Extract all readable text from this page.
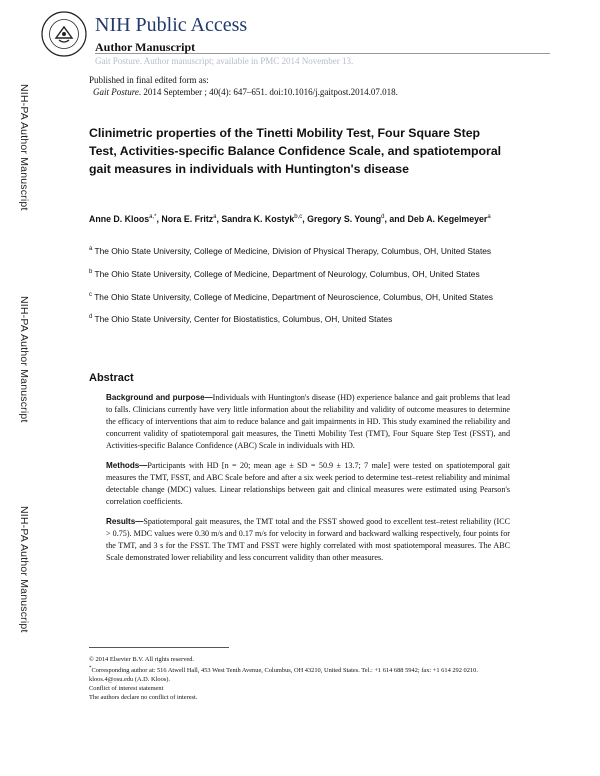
NIH-PA Author Manuscript
NIH-PA Author Manuscript
NIH-PA Author Manuscript
NIH Public Access
Author Manuscript
Gait Posture. Author manuscript; available in PMC 2014 November 13.
Published in final edited form as:
Gait Posture. 2014 September ; 40(4): 647–651. doi:10.1016/j.gaitpost.2014.07.018.
Clinimetric properties of the Tinetti Mobility Test, Four Square Step Test, Activities-specific Balance Confidence Scale, and spatiotemporal gait measures in individuals with Huntington's disease
Anne D. Kloos$^{a,*}$, Nora E. Fritz$^a$, Sandra K. Kostyk$^{b,c}$, Gregory S. Young$^d$, and Deb A. Kegelmeyer$^a$
$^a$ The Ohio State University, College of Medicine, Division of Physical Therapy, Columbus, OH, United States
$^b$ The Ohio State University, College of Medicine, Department of Neurology, Columbus, OH, United States
$^c$ The Ohio State University, College of Medicine, Department of Neuroscience, Columbus, OH, United States
$^d$ The Ohio State University, Center for Biostatistics, Columbus, OH, United States
Abstract

Background and purpose—Individuals with Huntington's disease (HD) experience balance and gait problems that lead to falls. Clinicians currently have very little information about the reliability and validity of outcome measures to determine the efficacy of interventions that aim to reduce balance and gait impairments in HD. This study examined the reliability and concurrent validity of spatiotemporal gait measures, the Tinetti Mobility Test (TMT), Four Square Step Test (FSST), and Activities-specific Balance Confidence (ABC) Scale in individuals with HD.

Methods—Participants with HD [n = 20; mean age ± SD = 50.9 ± 13.7; 7 male] were tested on spatiotemporal gait measures the TMT, FSST, and ABC Scale before and after a six week period to determine test–retest reliability and minimal detectable change (MDC) values. Linear relationships between gait and clinical measures were estimated using Pearson's correlation coefficients.

Results—Spatiotemporal gait measures, the TMT total and the FSST showed good to excellent test–retest reliability (ICC > 0.75). MDC values were 0.30 m/s and 0.17 m/s for velocity in forward and backward walking respectively, four points for the TMT, and 3 s for the FSST. The TMT and FSST were highly correlated with most spatiotemporal measures. The ABC Scale demonstrated lower reliability and less concurrent validity than other measures.

© 2014 Elsevier B.V. All rights reserved.
*Corresponding author at: 516 Atwell Hall, 453 West Tenth Avenue, Columbus, OH 43210, United States. Tel.: +1 614 688 5942; fax: +1 614 292 0210. kloos.4@osu.edu (A.D. Kloos).
Conflict of interest statement
The authors declare no conflict of interest.
